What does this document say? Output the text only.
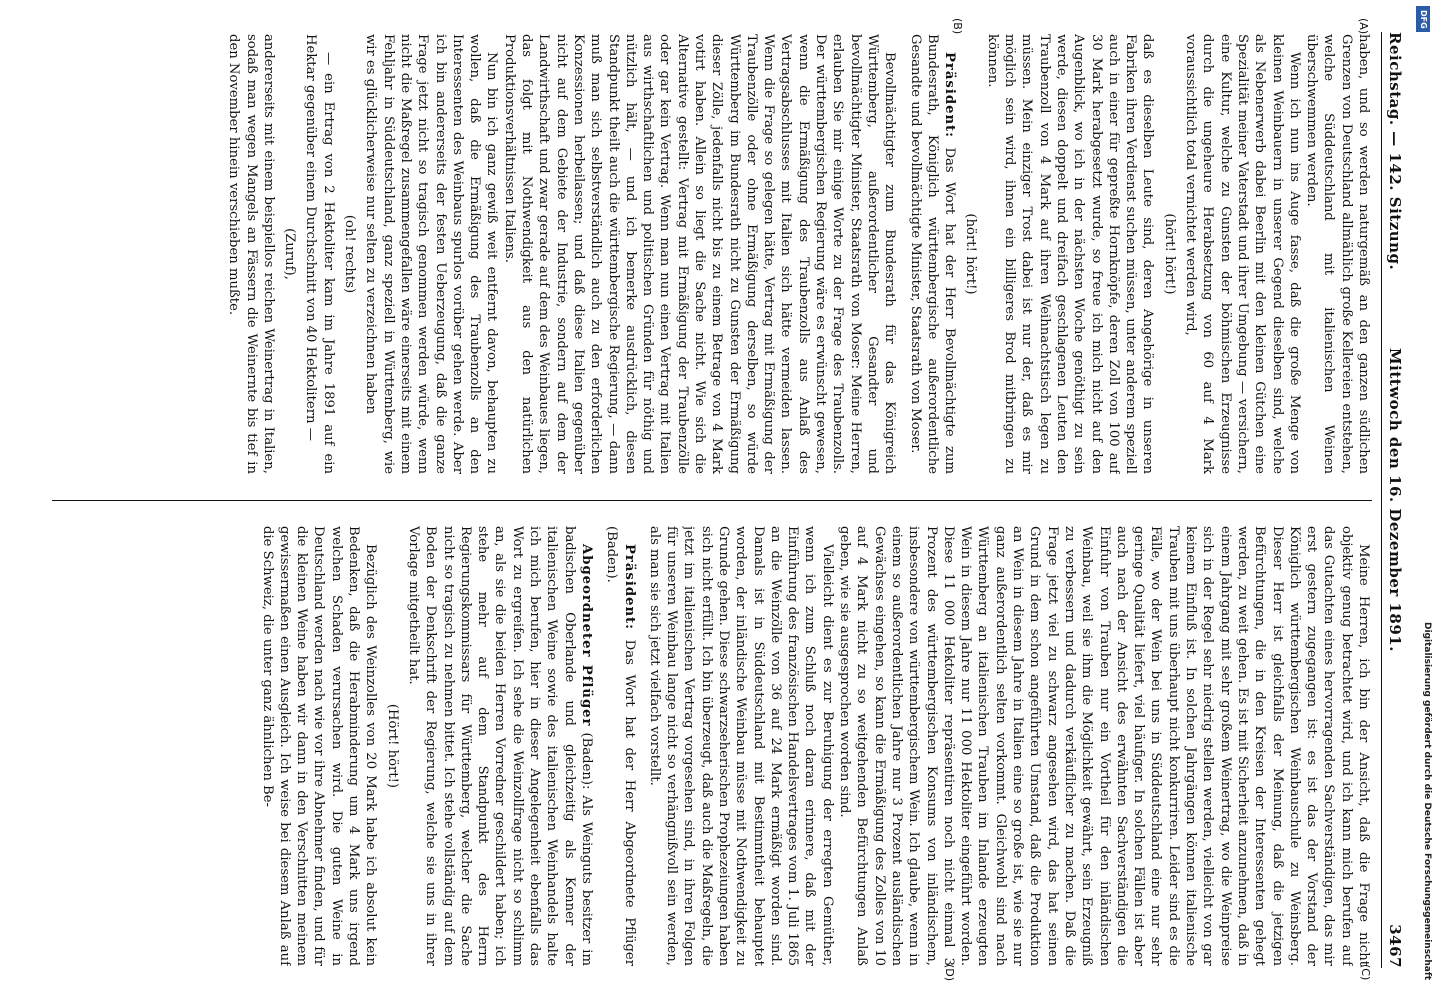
Reichstag. — 142. Sitzung.
Mittwoch den 16. Dezember 1891.
3467
(A)
(B)
(C)
(D)

haben, und so werden naturgemäß an den ganzen südlichen Grenzen von Deutschland allmählich große Kellereien entstehen, welche Süddeutschland mit italienischen Weinen überschwemmen werden.

Wenn ich nun ins Auge fasse, daß die große Menge von kleinen Weinbauern in unserer Gegend dieselben sind, welche als Nebenerwerb dabei Beerlin mit den kleinen Gütchen eine Spezialität meiner Vaterstadt und ihrer Umgebung — versichern, eine Kultur, welche zu Gunsten der böhmischen Erzeugnisse durch die ungeheure Herabsetzung von 60 auf 4 Mark voraussichtlich total vernichtet werden wird,

(hört! hört!)

daß es dieselben Leute sind, deren Angehörige in unseren Fabriken ihren Verdienst suchen müssen, unter anderem speziell auch in einer für gepreßte Hornknöpfe, deren Zoll von 100 auf 30 Mark herabgesetzt wurde, so freue ich mich nicht auf den Augenblick, wo ich in der nächsten Woche genöthigt zu sein werde, diesen doppelt und dreifach geschlagenen Leuten den Traubenzoll von 4 Mark auf ihren Weihnachtstisch legen zu müssen. Mein einziger Trost dabei ist nur der, daß es mir möglich sein wird, ihnen ein billigeres Brod mitbringen zu können.

(hört! hört!)

Präsident: Das Wort hat der Herr Bevollmächtigte zum Bundesrath, Königlich württembergische außerordentliche Gesandte und bevollmächtigte Minister, Staatsrath von Moser.

Bevollmächtigter zum Bundesrath für das Königreich Württemberg, außerordentlicher Gesandter und bevollmächtigter Minister, Staatsrath von Moser: Meine Herren, erlauben Sie mir einige Worte zu der Frage des Traubenzolls. Der württembergischen Regierung wäre es erwünscht gewesen, wenn die Ermäßigung des Traubenzolls aus Anlaß des Vertragsabschlusses mit Italien sich hätte vermeiden lassen. Wenn die Frage so gelegen hätte, Vertrag mit Ermäßigung der Traubenzölle oder ohne Ermäßigung derselben, so würde Württemberg im Bundesrath nicht zu Gunsten der Ermäßigung dieser Zölle, jedenfalls nicht bis zu einem Betrage von 4 Mark votirt haben. Allein so liegt die Sache nicht. Wie sich die Alternative gestellt: Vertrag mit Ermäßigung der Traubenzölle oder gar kein Vertrag. Wenn man nun einen Vertrag mit Italien aus wirthschaftlichen und politischen Gründen für nöthig und nützlich hält, — und ich bemerke ausdrücklich, diesen Standpunkt theilt auch die württembergische Regierung, — dann muß man sich selbstverständlich auch zu den erforderlichen Konzessionen herbeilassen; und daß diese Italien gegenüber nicht auf dem Gebiete der Industrie, sondern auf dem der Landwirthschaft und zwar gerade auf dem des Weinbaues liegen, das folgt mit Nothwendigkeit aus den natürlichen Produktionsverhältnissen Italiens.

Nun bin ich ganz gewiß weit entfernt davon, behaupten zu wollen, daß die Ermäßigung des Traubenzolls an den Interessenten des Weinbaus spurlos vorüber gehen werde. Aber ich bin andererseits der festen Ueberzeugung, daß die ganze Frage jetzt nicht so tragisch genommen werden würde, wenn nicht die Maßregel zusammengefallen wäre einerseits mit einem Fehljahr in Süddeutschland, ganz speziell in Württemberg, wie wir es glücklicherweise nur selten zu verzeichnen haben

(oh! rechts)

— ein Ertrag von 2 Hektoliter kam im Jahre 1891 auf ein Hektar gegenüber einem Durchschnitt von 40 Hektolitern —

(Zuruf),

andererseits mit einem beispiellos reichen Weinertrag in Italien, sodaß man wegen Mangels an Fässern die Weinernte bis tief in den November hinein verschieben mußte.

Meine Herren, ich bin der Ansicht, daß die Frage nicht objektiv genug betrachtet wird, und ich kann mich berufen auf das Gutachten eines hervorragenden Sachverständigen, das mir erst gestern zugegangen ist: es ist das der Vorstand der Königlich württembergischen Weinbauschule zu Weinsberg. Dieser Herr ist gleichfalls der Meinung, daß die jetzigen Befürchtungen, die in den Kreisen der Interessenten gehegt werden, zu weit gehen. Es ist mit Sicherheit anzunehmen, daß in einem Jahrgang mit sehr großem Weinertrag, wo die Weinpreise sich in der Regel sehr niedrig stellen werden, vielleicht von gar keinem Einfluß ist. In solchen Jahrgängen können italienische Trauben mit uns überhaupt nicht konkurriren. Leider sind es die Fälle, wo der Wein bei uns in Süddeutschland eine nur sehr geringe Qualität liefert, viel häufiger. In solchen Fällen ist aber auch nach der Ansicht des erwähnten Sachverständigen die Einfuhr von Trauben nur ein Vortheil für den inländischen Weinbau, weil sie ihm die Möglichkeit gewährt, sein Erzeugniß zu verbessern und dadurch verkäuflicher zu machen. Daß die Frage jetzt viel zu schwarz angesehen wird, das hat seinen Grund in dem schon angeführten Umstand, daß die Produktion an Wein in diesem Jahre in Italien eine so große ist, wie sie nur ganz außerordentlich selten vorkommt. Gleichwohl sind nach Württemberg an italienischen Trauben im Inlande erzeugten Wein in diesem Jahre nur 11 000 Hektoliter eingeführt worden. Diese 11 000 Hektoliter repräsentiren noch nicht einmal 3 Prozent des württembergischen Konsums von inländischem, insbesondere von württembergischem Wein. Ich glaube, wenn in einem so außerordentlichen Jahre nur 3 Prozent ausländischen Gewächses eingehen, so kann die Ermäßigung des Zolles von 10 auf 4 Mark nicht zu so weitgehenden Befürchtungen Anlaß geben, wie sie ausgesprochen worden sind.

Vielleicht dient es zur Beruhigung der erregten Gemüther, wenn ich zum Schluß noch daran erinnere, daß mit der Einführung des französischen Handelsvertrages vom 1. Juli 1865 an die Weinzölle von 36 auf 24 Mark ermäßigt worden sind. Damals ist in Süddeutschland mit Bestimmtheit behauptet worden, der inländische Weinbau müsse mit Nothwendigkeit zu Grunde gehen. Diese schwarzseherischen Prophezeiungen haben sich nicht erfüllt. Ich bin überzeugt, daß auch die Maßregeln, die jetzt im italienischen Vertrag vorgesehen sind, in ihren Folgen für unseren Weinbau lange nicht so verhängnißvoll sein werden, als man sie sich jetzt vielfach vorstellt.

Präsident: Das Wort hat der Herr Abgeordnete Pflüger (Baden).

Abgeordneter Pflüger (Baden): Als Weinguts besitzer im badischen Oberlande und gleichzeitig als Kenner der italienischen Weine sowie des italienischen Weinhandels halte ich mich berufen, hier in dieser Angelegenheit ebenfalls das Wort zu ergreifen. Ich sehe die Weinzollfrage nicht so schlimm an, als sie die beiden Herren Vorredner geschildert haben; ich stehe mehr auf dem Standpunkt des Herrn Regierungskommissars für Württemberg, welcher die Sache nicht so tragisch zu nehmen bittet. Ich stehe vollständig auf dem Boden der Denkschrift der Regierung, welche sie uns in ihrer Vorlage mitgetheilt hat.

(Hört! hört!)

Bezüglich des Weinzolles von 20 Mark habe ich absolut kein Bedenken, daß die Herabminderung um 4 Mark uns irgend welchen Schaden verursachen wird. Die guten Weine in Deutschland werden nach wie vor ihre Abnehmer finden, und für die kleinen Weine haben wir dann in den Verschnitten meinem gewissermaßen einen Ausgleich. Ich weise bei diesem Anlaß auf die Schweiz, die unter ganz ähnlichen Be-

DFG
Digitalisierung gefördert durch die Deutsche Forschungsgemeinschaft
